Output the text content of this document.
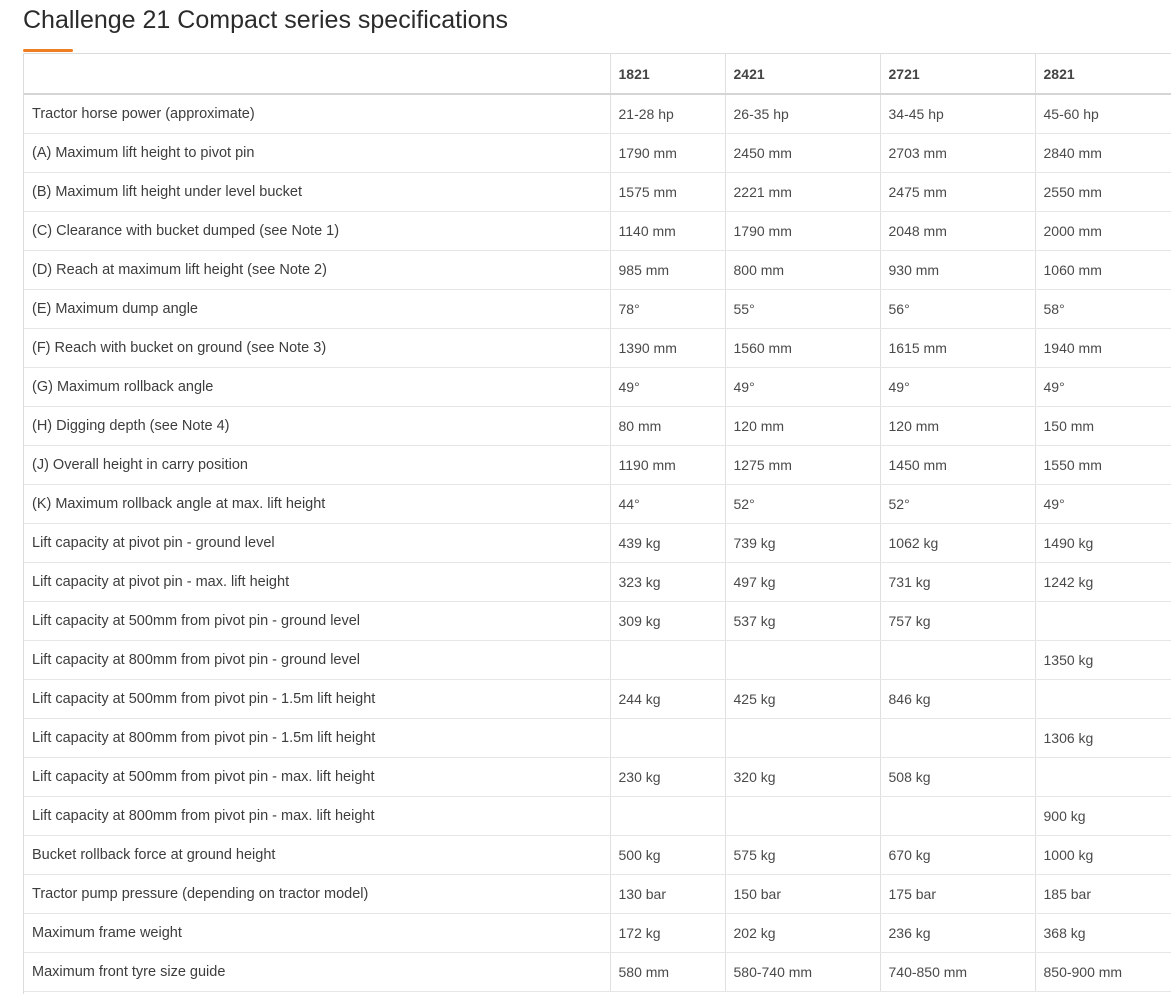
Challenge 21 Compact series specifications
	1821	2421	2721	2821
Tractor horse power (approximate)	21-28 hp	26-35 hp	34-45 hp	45-60 hp
(A) Maximum lift height to pivot pin	1790 mm	2450 mm	2703 mm	2840 mm
(B) Maximum lift height under level bucket	1575 mm	2221 mm	2475 mm	2550 mm
(C) Clearance with bucket dumped (see Note 1)	1140 mm	1790 mm	2048 mm	2000 mm
(D) Reach at maximum lift height (see Note 2)	985 mm	800 mm	930 mm	1060 mm
(E) Maximum dump angle	78°	55°	56°	58°
(F) Reach with bucket on ground (see Note 3)	1390 mm	1560 mm	1615 mm	1940 mm
(G) Maximum rollback angle	49°	49°	49°	49°
(H) Digging depth (see Note 4)	80 mm	120 mm	120 mm	150 mm
(J) Overall height in carry position	1190 mm	1275 mm	1450 mm	1550 mm
(K) Maximum rollback angle at max. lift height	44°	52°	52°	49°
Lift capacity at pivot pin - ground level	439 kg	739 kg	1062 kg	1490 kg
Lift capacity at pivot pin - max. lift height	323 kg	497 kg	731 kg	1242 kg
Lift capacity at 500mm from pivot pin - ground level	309 kg	537 kg	757 kg	
Lift capacity at 800mm from pivot pin - ground level				1350 kg
Lift capacity at 500mm from pivot pin - 1.5m lift height	244 kg	425 kg	846 kg	
Lift capacity at 800mm from pivot pin - 1.5m lift height				1306 kg
Lift capacity at 500mm from pivot pin - max. lift height	230 kg	320 kg	508 kg	
Lift capacity at 800mm from pivot pin - max. lift height				900 kg
Bucket rollback force at ground height	500 kg	575 kg	670 kg	1000 kg
Tractor pump pressure (depending on tractor model)	130 bar	150 bar	175 bar	185 bar
Maximum frame weight	172 kg	202 kg	236 kg	368 kg
Maximum front tyre size guide	580 mm	580-740 mm	740-850 mm	850-900 mm
